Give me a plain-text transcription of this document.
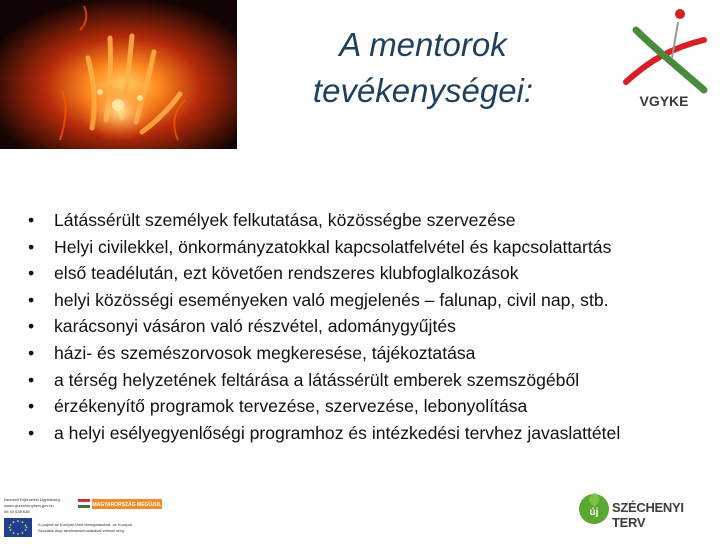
A mentorok
tevékenységei:	VGYKE
• Látássérült személyek felkutatása, közösségbe szervezése
• Helyi civilekkel, önkormányzatokkal kapcsolatfelvétel és kapcsolattartás
• első teadélután, ezt követően rendszeres klubfoglalkozások
• helyi közösségi eseményeken való megjelenés – falunap, civil nap, stb.
• karácsonyi vásáron való részvétel, adománygyűjtés
• házi- és szemészorvosok megkeresése, tájékoztatása
• a térség helyzetének feltárása a látássérült emberek szemszögéből
• érzékenyítő programok tervezése, szervezése, lebonyolítása
• a helyi esélyegyenlőségi programhoz és intézkedési tervhez javaslattétel
Nemzeti Fejlesztési Ügynökség
www.ujszechenyiterv.gov.hu
06 40 638 638
MAGYARORSZÁG MEGÚJUL
A projekt az Európai Unió támogatásával, az Európai
Szociális Alap társfinanszírozásával valósul meg.
új SZÉCHENYI TERV
